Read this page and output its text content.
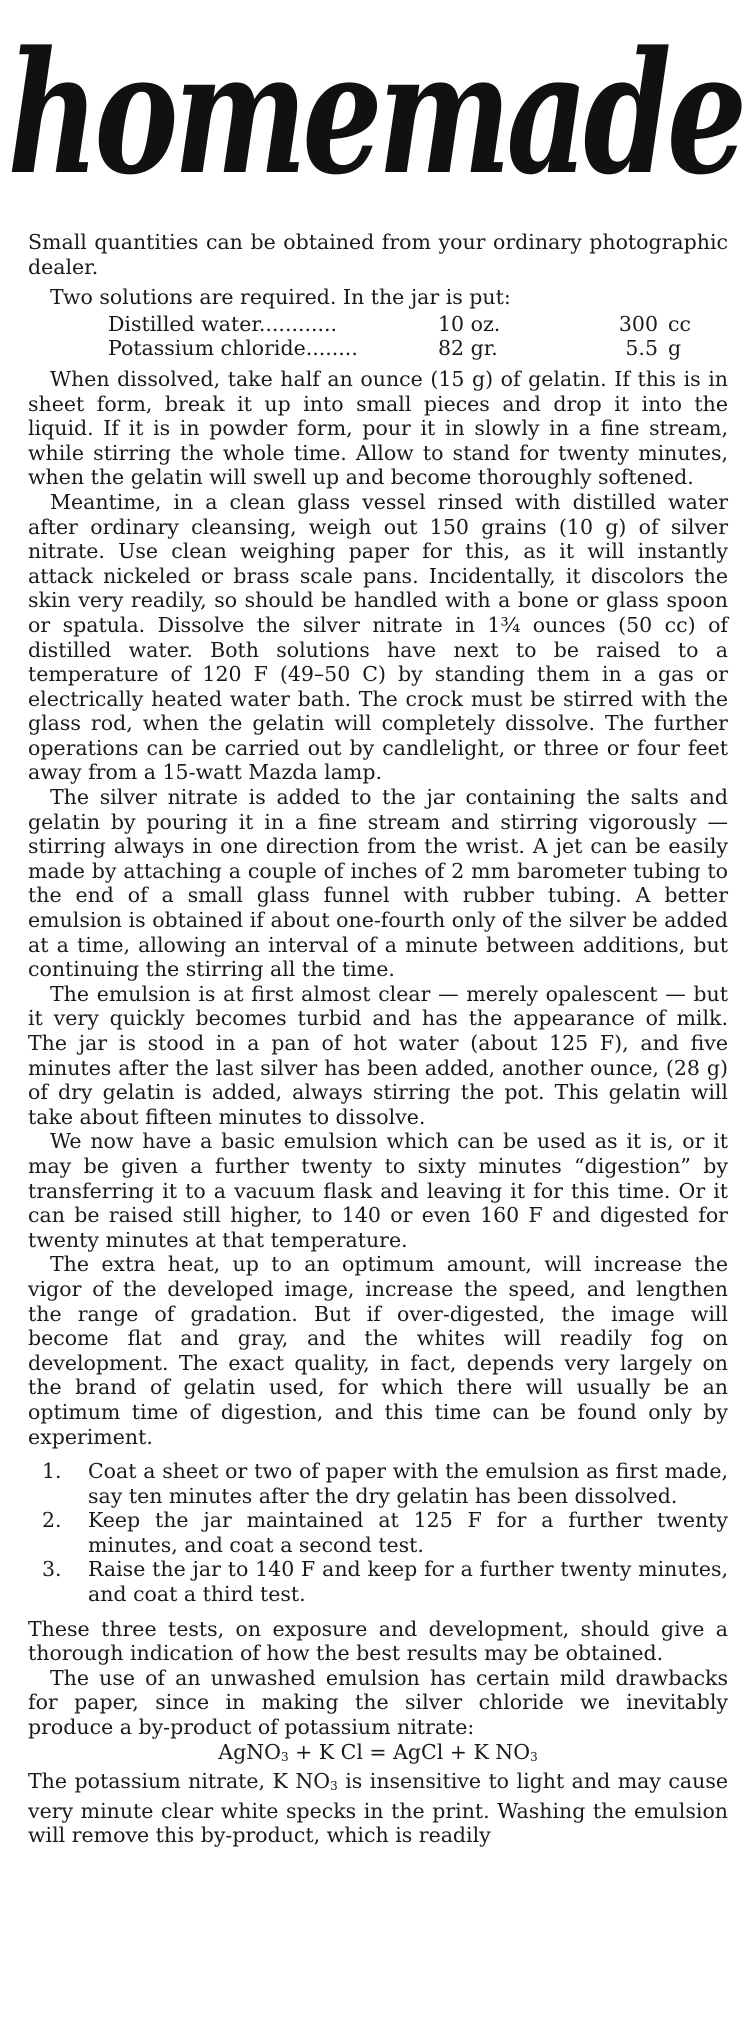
homemade

Small quantities can be obtained from your ordinary photographic dealer.

Two solutions are required. In the jar is put:

Distilled water............	10 oz.	300	cc
Potassium chloride........	82 gr.	5.5	g

When dissolved, take half an ounce (15 g) of gelatin. If this is in sheet form, break it up into small pieces and drop it into the liquid. If it is in powder form, pour it in slowly in a fine stream, while stirring the whole time. Allow to stand for twenty minutes, when the gelatin will swell up and become thoroughly softened.

Meantime, in a clean glass vessel rinsed with distilled water after ordinary cleansing, weigh out 150 grains (10 g) of silver nitrate. Use clean weighing paper for this, as it will instantly attack nickeled or brass scale pans. Incidentally, it discolors the skin very readily, so should be handled with a bone or glass spoon or spatula. Dissolve the silver nitrate in 1¾ ounces (50 cc) of distilled water. Both solutions have next to be raised to a temperature of 120 F (49–50 C) by standing them in a gas or electrically heated water bath. The crock must be stirred with the glass rod, when the gelatin will completely dissolve. The further operations can be carried out by candlelight, or three or four feet away from a 15-watt Mazda lamp.

The silver nitrate is added to the jar containing the salts and gelatin by pouring it in a fine stream and stirring vigorously — stirring always in one direction from the wrist. A jet can be easily made by attaching a couple of inches of 2 mm barometer tubing to the end of a small glass funnel with rubber tubing. A better emulsion is obtained if about one-fourth only of the silver be added at a time, allowing an interval of a minute between additions, but continuing the stirring all the time.

The emulsion is at first almost clear — merely opalescent — but it very quickly becomes turbid and has the appearance of milk. The jar is stood in a pan of hot water (about 125 F), and five minutes after the last silver has been added, another ounce, (28 g) of dry gelatin is added, always stirring the pot. This gelatin will take about fifteen minutes to dissolve.

We now have a basic emulsion which can be used as it is, or it may be given a further twenty to sixty minutes “digestion” by transferring it to a vacuum flask and leaving it for this time. Or it can be raised still higher, to 140 or even 160 F and digested for twenty minutes at that temperature.

The extra heat, up to an optimum amount, will increase the vigor of the developed image, increase the speed, and lengthen the range of gradation. But if over-digested, the image will become flat and gray, and the whites will readily fog on development. The exact quality, in fact, depends very largely on the brand of gelatin used, for which there will usually be an optimum time of digestion, and this time can be found only by experiment.

1. Coat a sheet or two of paper with the emulsion as first made, say ten minutes after the dry gelatin has been dissolved.
2. Keep the jar maintained at 125 F for a further twenty minutes, and coat a second test.
3. Raise the jar to 140 F and keep for a further twenty minutes, and coat a third test.

These three tests, on exposure and development, should give a thorough indication of how the best results may be obtained.

The use of an unwashed emulsion has certain mild drawbacks for paper, since in making the silver chloride we inevitably produce a by-product of potassium nitrate:

AgNO$_3$ + K Cl = AgCl + K $NO_3$

The potassium nitrate, K $NO_3$ is insensitive to light and may cause very minute clear white specks in the print. Washing the emulsion will remove this by-product, which is readily
